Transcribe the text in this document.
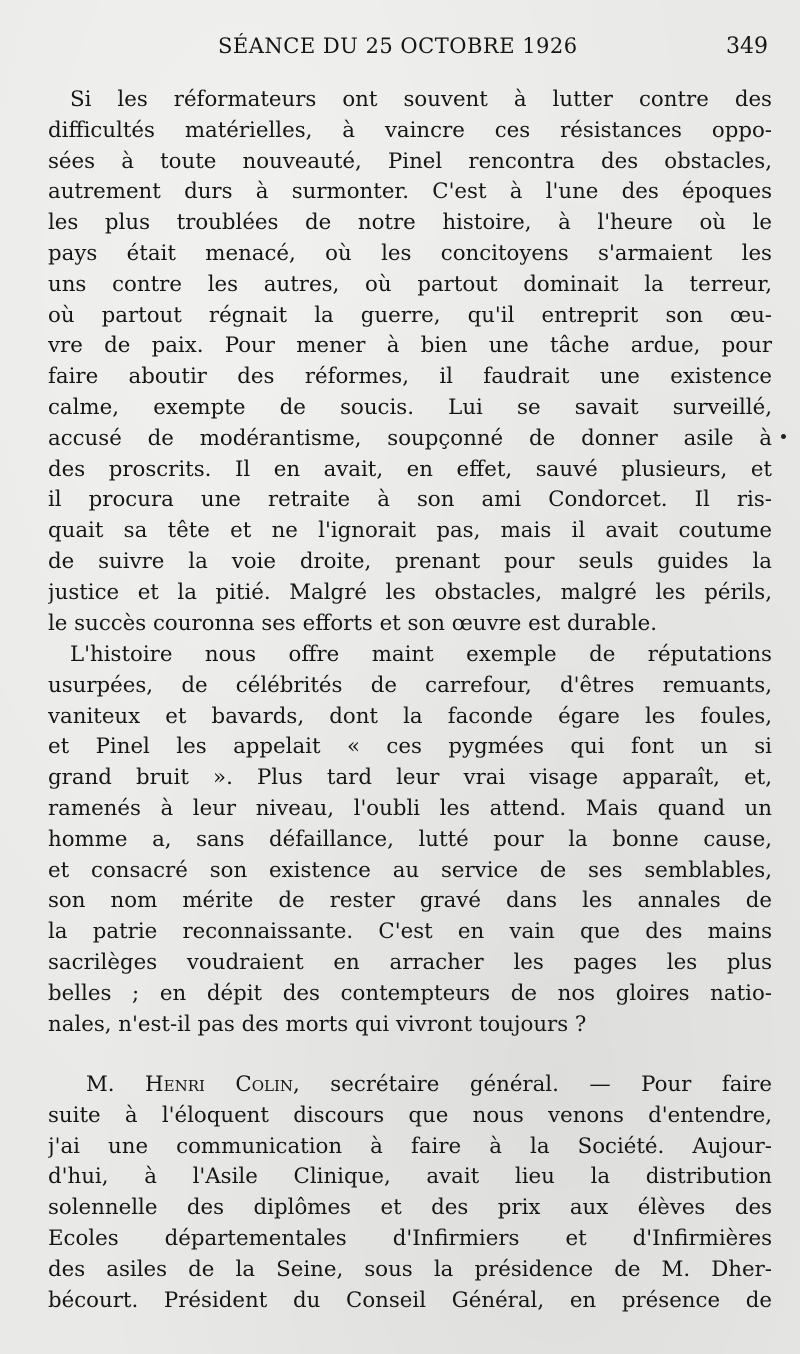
SÉANCE DU 25 OCTOBRE 1926	349
Si les réformateurs ont souvent à lutter contre des
difficultés matérielles, à vaincre ces résistances oppo-
sées à toute nouveauté, Pinel rencontra des obstacles,
autrement durs à surmonter. C'est à l'une des époques
les plus troublées de notre histoire, à l'heure où le
pays était menacé, où les concitoyens s'armaient les
uns contre les autres, où partout dominait la terreur,
où partout régnait la guerre, qu'il entreprit son œu-
vre de paix. Pour mener à bien une tâche ardue, pour
faire aboutir des réformes, il faudrait une existence
calme, exempte de soucis. Lui se savait surveillé,
accusé de modérantisme, soupçonné de donner asile à
des proscrits. Il en avait, en effet, sauvé plusieurs, et
il procura une retraite à son ami Condorcet. Il ris-
quait sa tête et ne l'ignorait pas, mais il avait coutume
de suivre la voie droite, prenant pour seuls guides la
justice et la pitié. Malgré les obstacles, malgré les périls,
le succès couronna ses efforts et son œuvre est durable.
L'histoire nous offre maint exemple de réputations
usurpées, de célébrités de carrefour, d'êtres remuants,
vaniteux et bavards, dont la faconde égare les foules,
et Pinel les appelait « ces pygmées qui font un si
grand bruit ». Plus tard leur vrai visage apparaît, et,
ramenés à leur niveau, l'oubli les attend. Mais quand un
homme a, sans défaillance, lutté pour la bonne cause,
et consacré son existence au service de ses semblables,
son nom mérite de rester gravé dans les annales de
la patrie reconnaissante. C'est en vain que des mains
sacrilèges voudraient en arracher les pages les plus
belles ; en dépit des contempteurs de nos gloires natio-
nales, n'est-il pas des morts qui vivront toujours ?
M. Henri Colin, secrétaire général. — Pour faire
suite à l'éloquent discours que nous venons d'entendre,
j'ai une communication à faire à la Société. Aujour-
d'hui, à l'Asile Clinique, avait lieu la distribution
solennelle des diplômes et des prix aux élèves des
Ecoles départementales d'Infirmiers et d'Infirmières
des asiles de la Seine, sous la présidence de M. Dher-
bécourt. Président du Conseil Général, en présence de
